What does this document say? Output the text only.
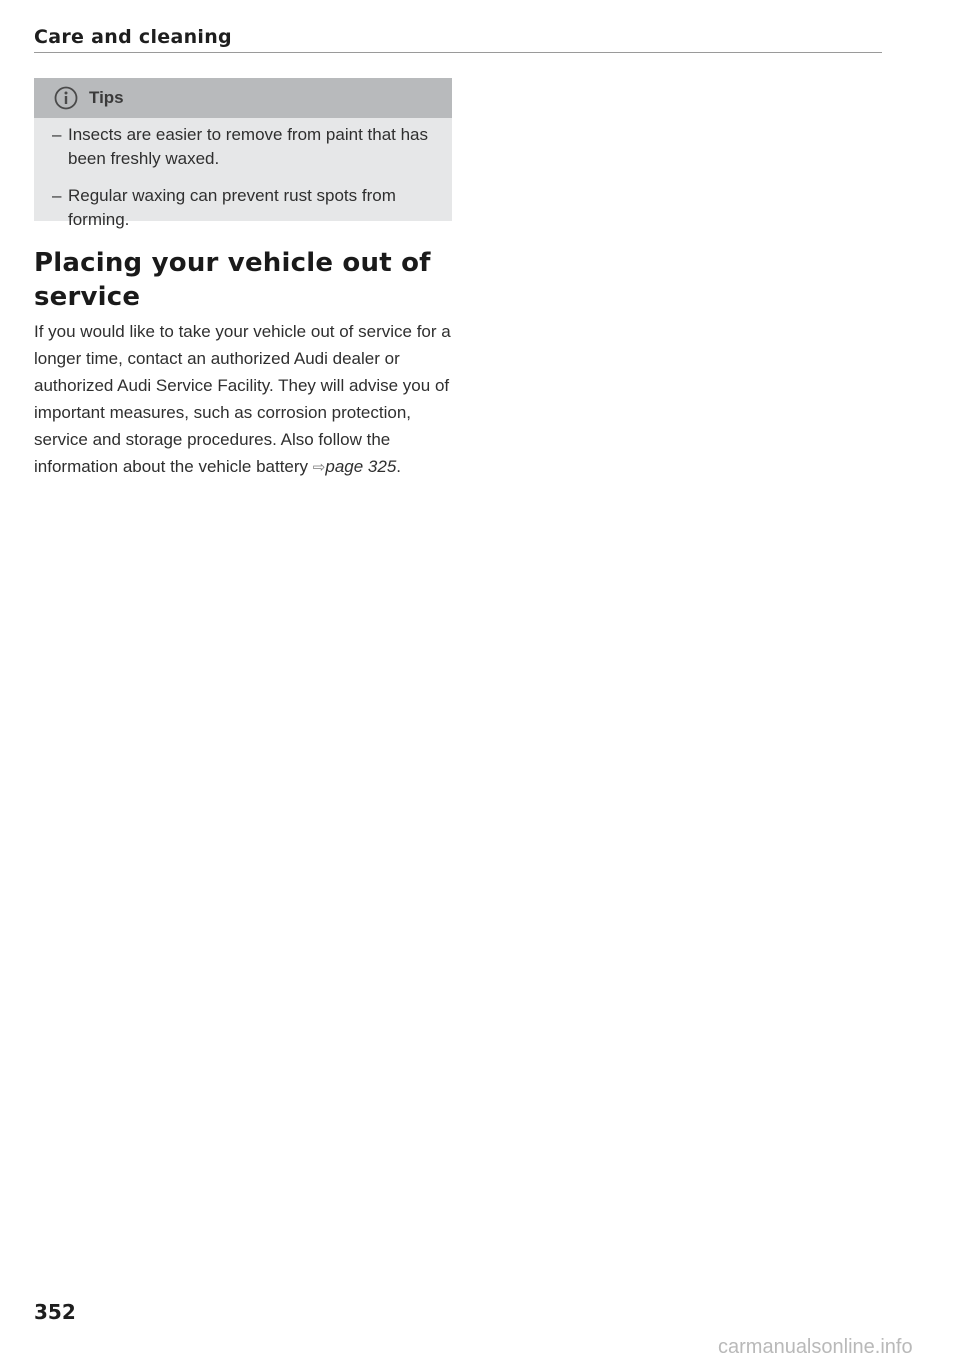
Care and cleaning
Tips
– Insects are easier to remove from paint that has been freshly waxed.
– Regular waxing can prevent rust spots from forming.
Placing your vehicle out of service

If you would like to take your vehicle out of service for a longer time, contact an authorized Audi dealer or authorized Audi Service Facility. They will advise you of important measures, such as corrosion protection, service and storage procedures. Also follow the information about the vehicle battery ⇨page 325.

352
carmanualsonline.info
